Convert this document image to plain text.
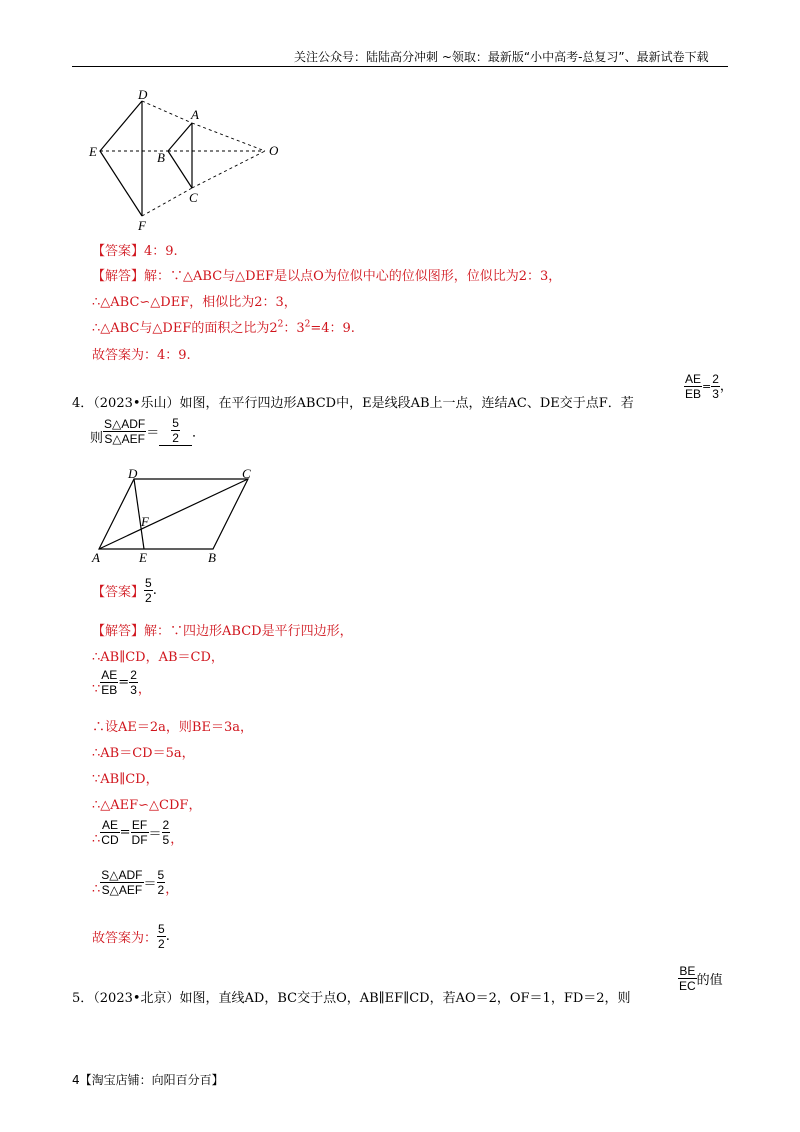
关注公众号：陆陆高分冲刺 ~领取：最新版“小中高考-总复习”、最新试卷下载
D
A
E	B	O
C
F
【答案】4：9.
【解答】解：∵△ABC与△DEF是以点O为位似中心的位似图形，位似比为2：3，
∴△ABC∽△DEF，相似比为2：3，
∴△ABC与△DEF的面积之比为$2^2$：$3^2=4$：9.
故答案为：4：9.
4．（2023•乐山）如图，在平行四边形ABCD中，E是线段AB上一点，连结AC、DE交于点F．若
$\frac{AE}{EB} = \frac{2}{3}$ ，
则 $\frac{\text{S△ADF}}{\text{S△AEF}} = \frac{5}{2}$ ．
D	C
F
A	E	B
【答案】 $\frac{5}{2}$ .
【解答】解：∵四边形ABCD是平行四边形，
∴AB∥CD，AB＝CD，
∵ $\frac{AE}{EB} = \frac{2}{3}$ ，
∴设AE＝2a，则BE＝3a，
∴AB＝CD＝5a，
∵AB∥CD，
∴△AEF∽△CDF，
∴ $\frac{AE}{CD} = \frac{EF}{DF} = \frac{2}{5}$ ，
∴ $\frac{\text{S△ADF}}{\text{S△AEF}} = \frac{5}{2}$ ，
故答案为： $\frac{5}{2}$ .
5．（2023•北京）如图，直线AD，BC交于点O，AB∥EF∥CD，若AO＝2，OF＝1，FD＝2，则
$\frac{BE}{EC}$ 的值
4【淘宝店铺：向阳百分百】
